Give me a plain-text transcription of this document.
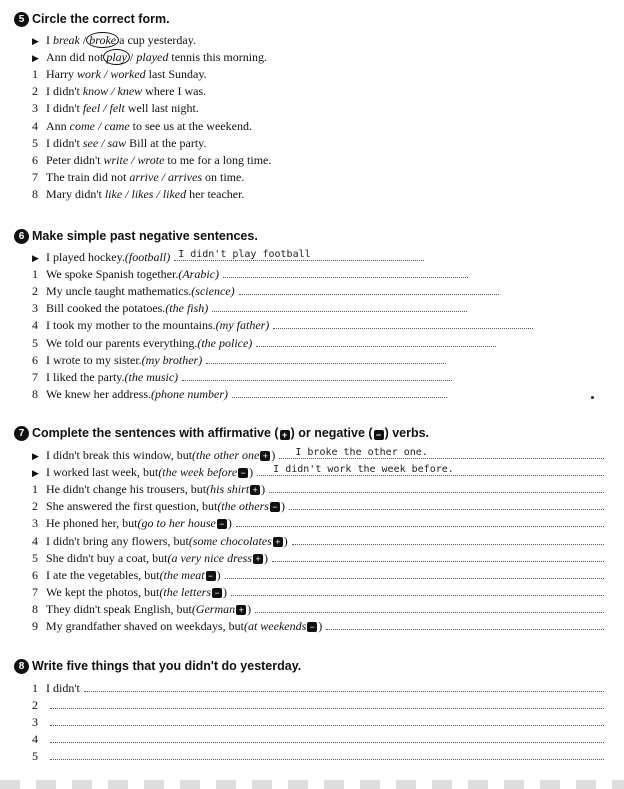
5 Circle the correct form.
▶ I break / broke a cup yesterday.
▶ Ann did not play / played tennis this morning.
1 Harry work / worked last Sunday.
2 I didn't know / knew where I was.
3 I didn't feel / felt well last night.
4 Ann come / came to see us at the weekend.
5 I didn't see / saw Bill at the party.
6 Peter didn't write / wrote to me for a long time.
7 The train did not arrive / arrives on time.
8 Mary didn't like / likes / liked her teacher.
6 Make simple past negative sentences.
▶ I played hockey. (football) I didn't play football
1 We spoke Spanish together. (Arabic)
2 My uncle taught mathematics. (science)
3 Bill cooked the potatoes. (the fish)
4 I took my mother to the mountains. (my father)
5 We told our parents everything. (the police)
6 I wrote to my sister. (my brother)
7 I liked the party. (the music)
8 We knew her address. (phone number)
7 Complete the sentences with affirmative ( + ) or negative ( − ) verbs.
▶ I didn't break this window, but (the other one + ) I broke the other one.
▶ I worked last week, but (the week before − ) I didn't work the week before.
1 He didn't change his trousers, but (his shirt + )
2 She answered the first question, but (the others − )
3 He phoned her, but (go to her house − )
4 I didn't bring any flowers, but (some chocolates + )
5 She didn't buy a coat, but (a very nice dress + )
6 I ate the vegetables, but (the meat − )
7 We kept the photos, but (the letters − )
8 They didn't speak English, but (German + )
9 My grandfather shaved on weekdays, but (at weekends − )
8 Write five things that you didn't do yesterday.
1 I didn't
2
3
4
5
